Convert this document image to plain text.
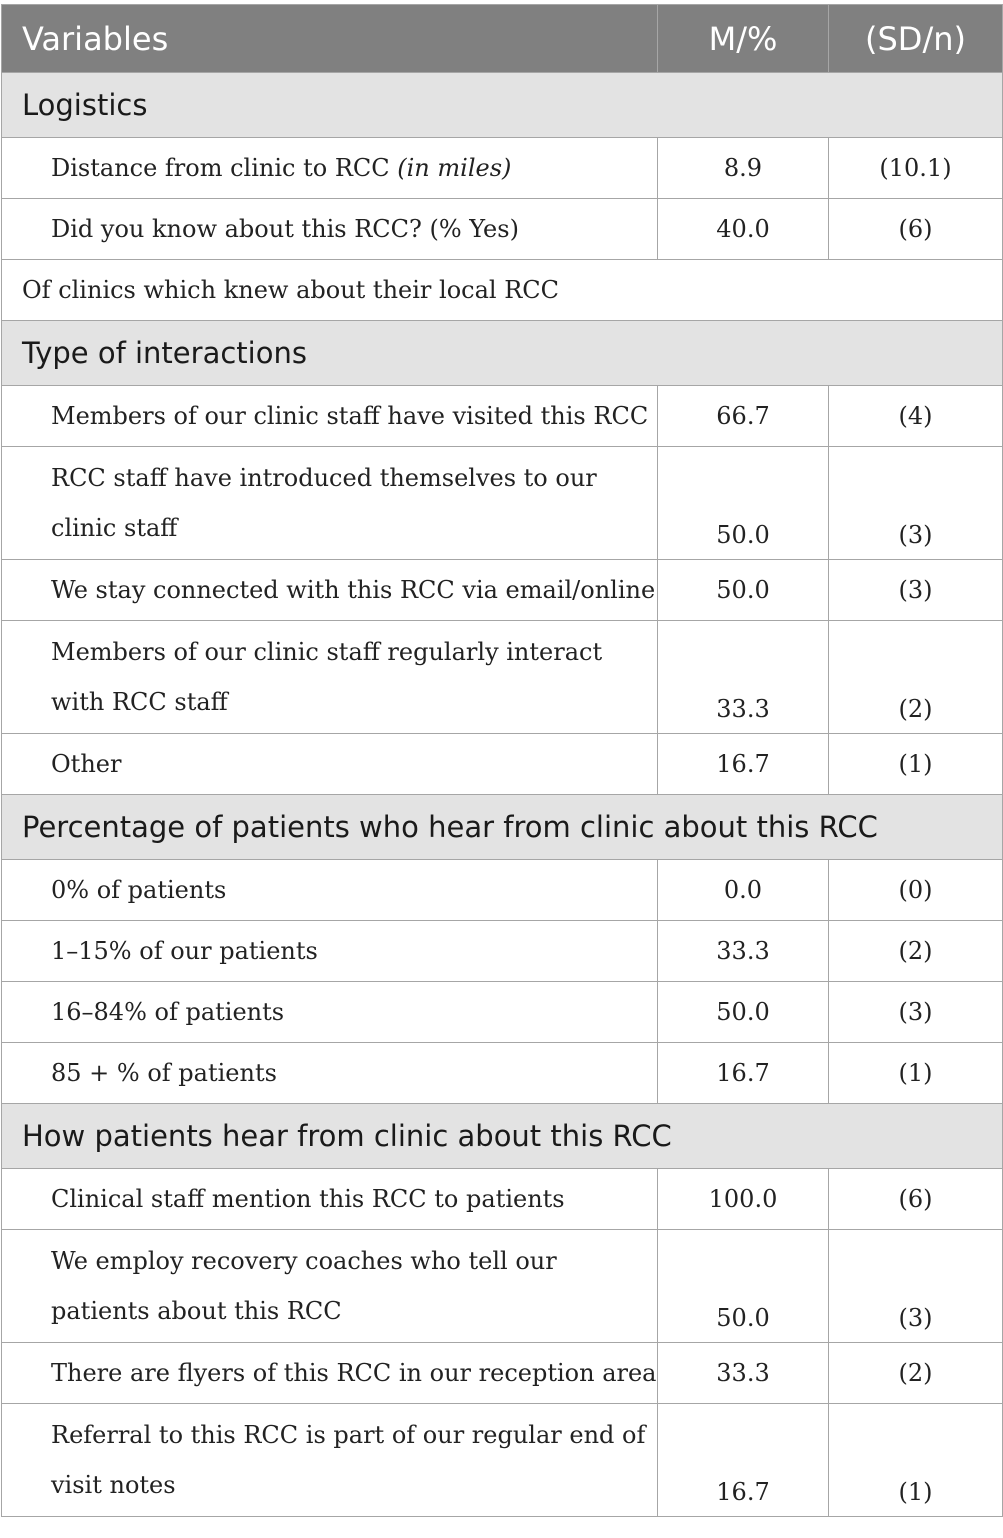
Variables	M/%	(SD/n)
Logistics		
Distance from clinic to RCC (in miles)	8.9	(10.1)
Did you know about this RCC? (% Yes)	40.0	(6)
Of clinics which knew about their local RCC		
Type of interactions		
Members of our clinic staff have visited this RCC	66.7	(4)
RCC staff have introduced themselves to our clinic staff	50.0	(3)
We stay connected with this RCC via email/online	50.0	(3)
Members of our clinic staff regularly interact with RCC staff	33.3	(2)
Other	16.7	(1)
Percentage of patients who hear from clinic about this RCC		
0% of patients	0.0	(0)
1–15% of our patients	33.3	(2)
16–84% of patients	50.0	(3)
85 + % of patients	16.7	(1)
How patients hear from clinic about this RCC		
Clinical staff mention this RCC to patients	100.0	(6)
We employ recovery coaches who tell our patients about this RCC	50.0	(3)
There are flyers of this RCC in our reception area	33.3	(2)
Referral to this RCC is part of our regular end of visit notes	16.7	(1)
